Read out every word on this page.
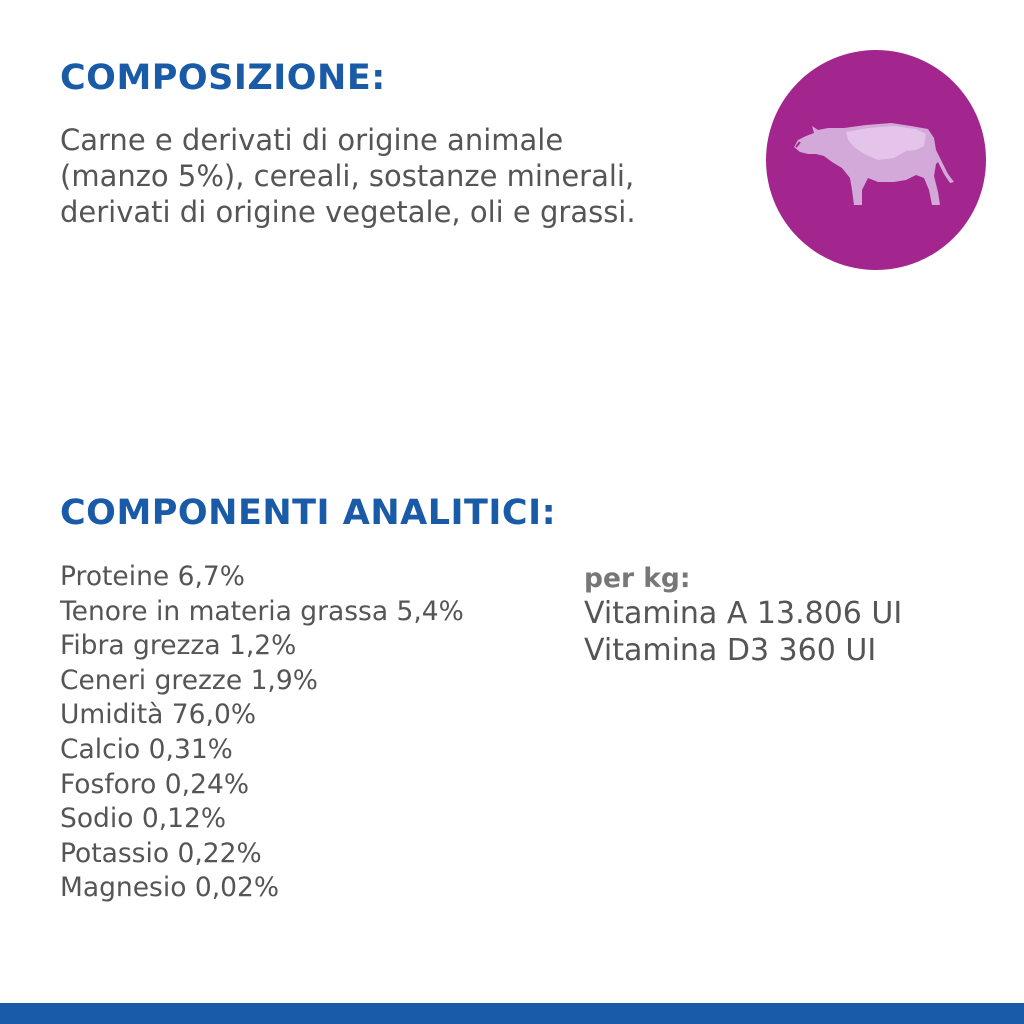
COMPOSIZIONE:
Carne e derivati di origine animale
(manzo 5%), cereali, sostanze minerali,
derivati di origine vegetale, oli e grassi.
COMPONENTI ANALITICI:
Proteine 6,7%
Tenore in materia grassa 5,4%
Fibra grezza 1,2%
Ceneri grezze 1,9%
Umidità 76,0%
Calcio 0,31%
Fosforo 0,24%
Sodio 0,12%
Potassio 0,22%
Magnesio 0,02%
per kg:
Vitamina A 13.806 UI
Vitamina D3 360 UI
